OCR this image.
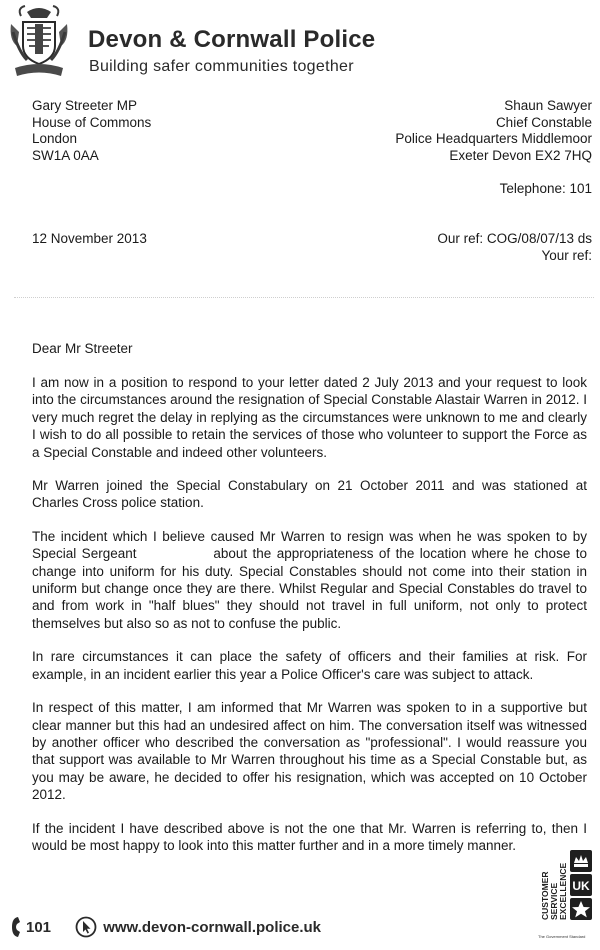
Devon & Cornwall Police
Building safer communities together
Gary Streeter MP
House of Commons
London
SW1A 0AA
Shaun Sawyer
Chief Constable
Police Headquarters Middlemoor
Exeter Devon EX2 7HQ
Telephone: 101
12 November 2013	Our ref: COG/08/07/13 ds
Your ref:
Dear Mr Streeter

I am now in a position to respond to your letter dated 2 July 2013 and your request to look into the circumstances around the resignation of Special Constable Alastair Warren in 2012. I very much regret the delay in replying as the circumstances were unknown to me and clearly I wish to do all possible to retain the services of those who volunteer to support the Force as a Special Constable and indeed other volunteers.

Mr Warren joined the Special Constabulary on 21 October 2011 and was stationed at Charles Cross police station.

The incident which I believe caused Mr Warren to resign was when he was spoken to by Special Sergeant	about the appropriateness of the location where he chose to change into uniform for his duty. Special Constables should not come into their station in uniform but change once they are there. Whilst Regular and Special Constables do travel to and from work in "half blues" they should not travel in full uniform, not only to protect themselves but also so as not to confuse the public.

In rare circumstances it can place the safety of officers and their families at risk. For example, in an incident earlier this year a Police Officer's care was subject to attack.

In respect of this matter, I am informed that Mr Warren was spoken to in a supportive but clear manner but this had an undesired affect on him. The conversation itself was witnessed by another officer who described the conversation as "professional". I would reassure you that support was available to Mr Warren throughout his time as a Special Constable but, as you may be aware, he decided to offer his resignation, which was accepted on 10 October 2012.

If the incident I have described above is not the one that Mr. Warren is referring to, then I would be most happy to look into this matter further and in a more timely manner.

UK
CUSTOMER SERVICE EXCELLENCE
The Government Standard
101
	www.devon-cornwall.police.uk
